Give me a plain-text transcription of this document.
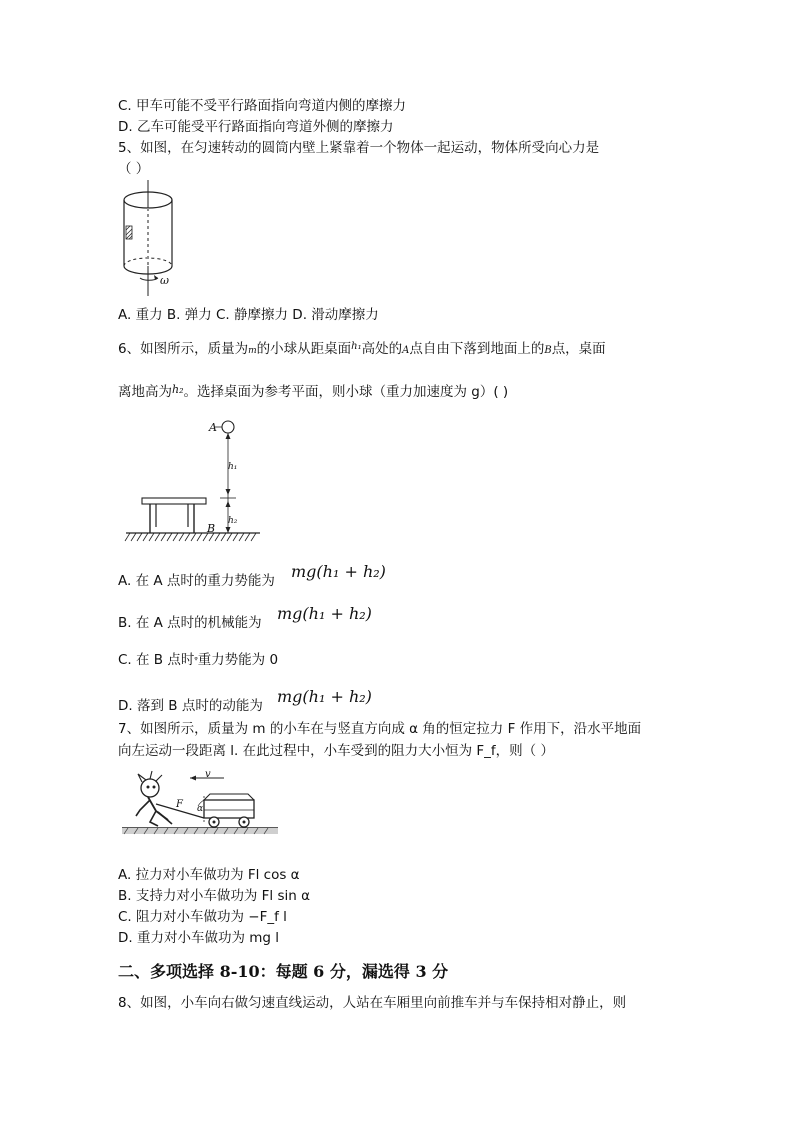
C. 甲车可能不受平行路面指向弯道内侧的摩擦力
D. 乙车可能受平行路面指向弯道外侧的摩擦力
5、如图，在匀速转动的圆筒内壁上紧靠着一个物体一起运动，物体所受向心力是
（ ）
ω
A. 重力 B. 弹力 C. 静摩擦力 D. 滑动摩擦力
6、如图所示，质量为m的小球从距桌面$^{h_1}$高处的A点自由下落到地面上的B点，桌面
离地高为$^{h_2}$。选择桌面为参考平面，则小球（重力加速度为 g）( )
A
h₁
h₂
B
A. 在 A 点时的重力势能为 mg(h₁ + h₂)
B. 在 A 点时的机械能为 mg(h₁ + h₂)
C. 在 B 点时ᵠ重力势能为 0
D. 落到 B 点时的动能为 mg(h₁ + h₂)
7、如图所示，质量为 m 的小车在与竖直方向成 α 角的恒定拉力 F 作用下，沿水平地面
向左运动一段距离 l. 在此过程中，小车受到的阻力大小恒为 F_f，则（ ）
v
F α
A. 拉力对小车做功为 Fl cos α
B. 支持力对小车做功为 Fl sin α
C. 阻力对小车做功为 −F_f l
D. 重力对小车做功为 mg l
二、多项选择 8-10：每题 6 分，漏选得 3 分
8、如图，小车向右做匀速直线运动，人站在车厢里向前推车并与车保持相对静止，则
